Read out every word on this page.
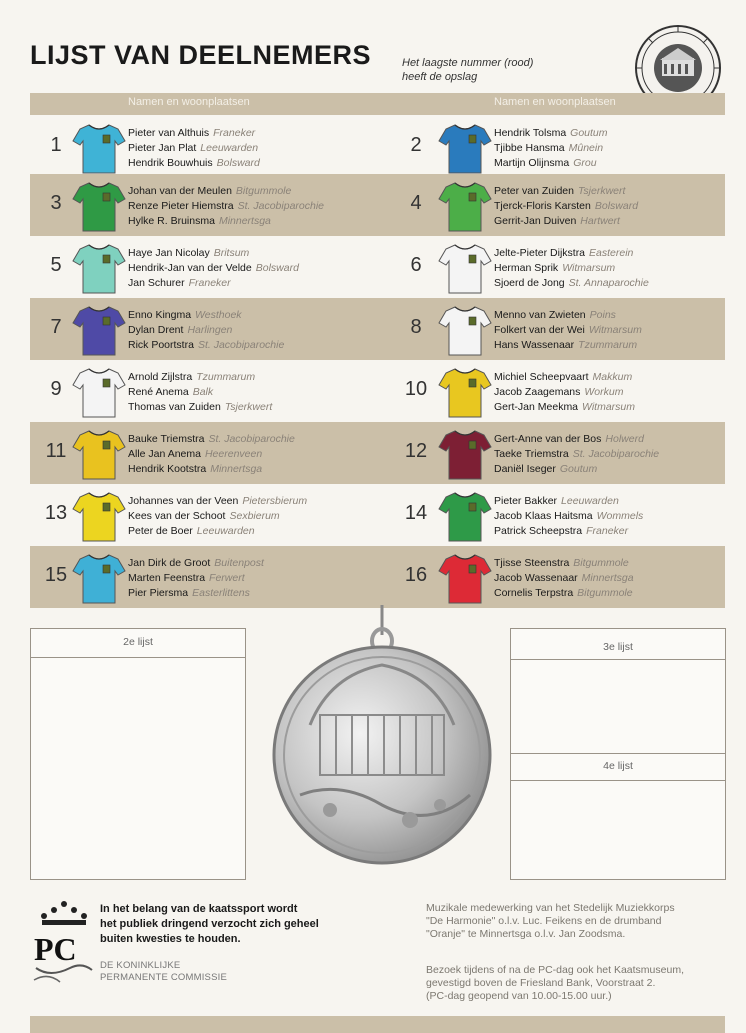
LIJST VAN DEELNEMERS	Het laagste nummer (rood)
heeft de opslag
Namen en woonplaatsen	Namen en woonplaatsen
1
Pieter van Althuis Franeker
Pieter Jan Plat Leeuwarden
Hendrik Bouwhuis Bolsward
2
Hendrik Tolsma Goutum
Tjibbe Hansma Mûnein
Martijn Olijnsma Grou
3
Johan van der Meulen Bitgummole
Renze Pieter Hiemstra St. Jacobiparochie
Hylke R. Bruinsma Minnertsga
4
Peter van Zuiden Tsjerkwert
Tjerck-Floris Karsten Bolsward
Gerrit-Jan Duiven Hartwert
5
Haye Jan Nicolay Britsum
Hendrik-Jan van der Velde Bolsward
Jan Schurer Franeker
6
Jelte-Pieter Dijkstra Easterein
Herman Sprik Witmarsum
Sjoerd de Jong St. Annaparochie
7
Enno Kingma Westhoek
Dylan Drent Harlingen
Rick Poortstra St. Jacobiparochie
8
Menno van Zwieten Poins
Folkert van der Wei Witmarsum
Hans Wassenaar Tzummarum
9
Arnold Zijlstra Tzummarum
René Anema Balk
Thomas van Zuiden Tsjerkwert
10
Michiel Scheepvaart Makkum
Jacob Zaagemans Workum
Gert-Jan Meekma Witmarsum
11
Bauke Triemstra St. Jacobiparochie
Alle Jan Anema Heerenveen
Hendrik Kootstra Minnertsga
12
Gert-Anne van der Bos Holwerd
Taeke Triemstra St. Jacobiparochie
Daniël Iseger Goutum
13
Johannes van der Veen Pietersbierum
Kees van der Schoot Sexbierum
Peter de Boer Leeuwarden
14
Pieter Bakker Leeuwarden
Jacob Klaas Haitsma Wommels
Patrick Scheepstra Franeker
15
Jan Dirk de Groot Buitenpost
Marten Feenstra Ferwert
Pier Piersma Easterlittens
16
Tjisse Steenstra Bitgummole
Jacob Wassenaar Minnertsga
Cornelis Terpstra Bitgummole
2e lijst	3e lijst
4e lijst
PC
In het belang van de kaatssport wordt
het publiek dringend verzocht zich geheel
buiten kwesties te houden.
DE KONINKLIJKE
PERMANENTE COMMISSIE
Muzikale medewerking van het Stedelijk Muziekkorps
"De Harmonie" o.l.v. Luc. Feikens en de drumband
"Oranje" te Minnertsga o.l.v. Jan Zoodsma.
Bezoek tijdens of na de PC-dag ook het Kaatsmuseum,
gevestigd boven de Friesland Bank, Voorstraat 2.
(PC-dag geopend van 10.00-15.00 uur.)
